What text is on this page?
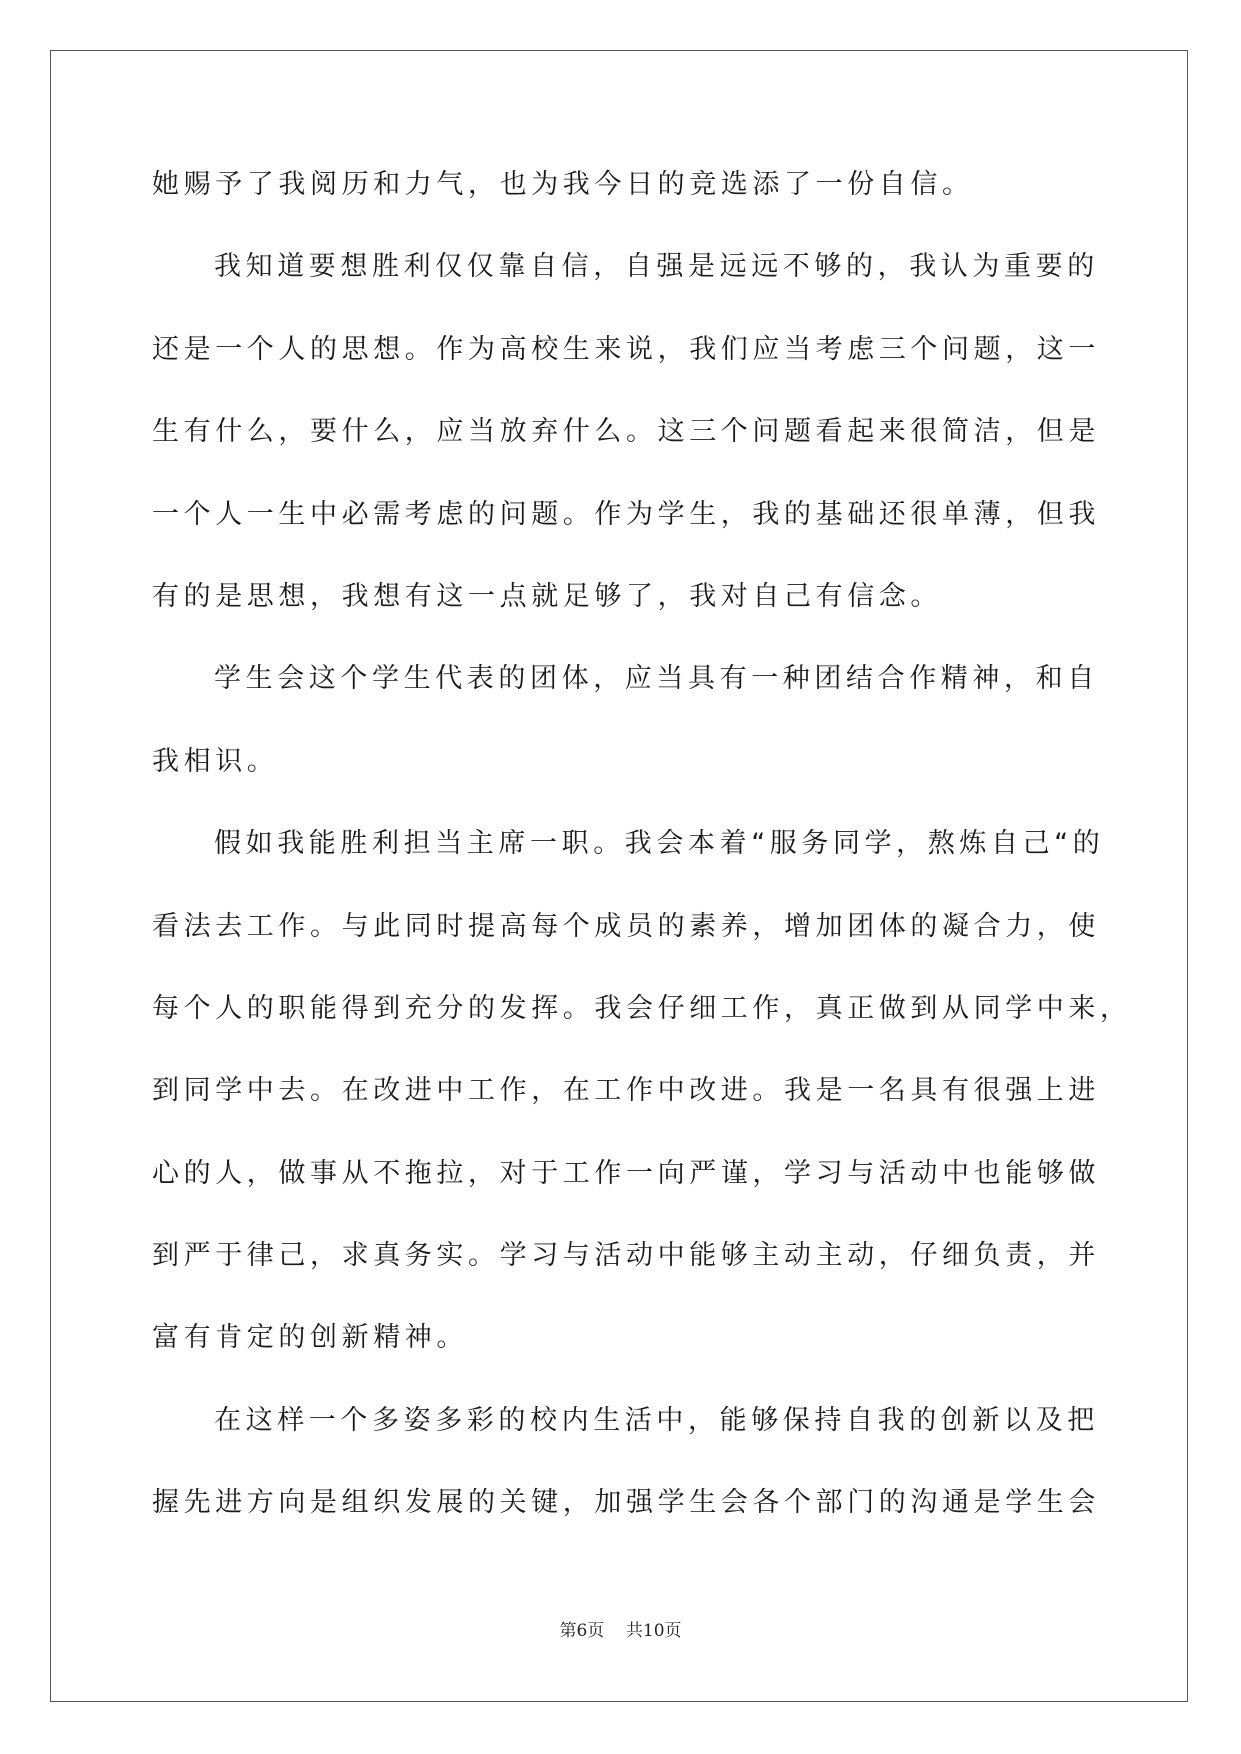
她赐予了我阅历和力气，也为我今日的竞选添了一份自信。
我知道要想胜利仅仅靠自信，自强是远远不够的，我认为重要的
还是一个人的思想。作为高校生来说，我们应当考虑三个问题，这一
生有什么，要什么，应当放弃什么。这三个问题看起来很简洁，但是
一个人一生中必需考虑的问题。作为学生，我的基础还很单薄，但我
有的是思想，我想有这一点就足够了，我对自己有信念。
学生会这个学生代表的团体，应当具有一种团结合作精神，和自
我相识。
假如我能胜利担当主席一职。我会本着“服务同学，熬炼自己“的
看法去工作。与此同时提高每个成员的素养，增加团体的凝合力，使
每个人的职能得到充分的发挥。我会仔细工作，真正做到从同学中来，
到同学中去。在改进中工作，在工作中改进。我是一名具有很强上进
心的人，做事从不拖拉，对于工作一向严谨，学习与活动中也能够做
到严于律己，求真务实。学习与活动中能够主动主动，仔细负责，并
富有肯定的创新精神。
在这样一个多姿多彩的校内生活中，能够保持自我的创新以及把
握先进方向是组织发展的关键，加强学生会各个部门的沟通是学生会
第6页    共10页
